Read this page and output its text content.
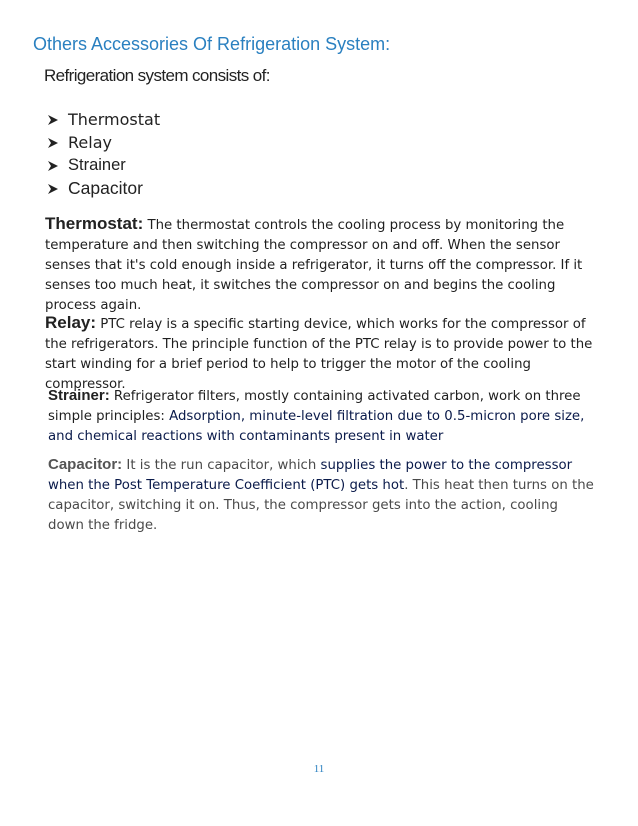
Others Accessories Of Refrigeration System:
Refrigeration system consists of:
Thermostat
Relay
Strainer
Capacitor

Thermostat: The thermostat controls the cooling process by monitoring the temperature and then switching the compressor on and off. When the sensor senses that it's cold enough inside a refrigerator, it turns off the compressor. If it senses too much heat, it switches the compressor on and begins the cooling process again.

Relay: PTC relay is a specific starting device, which works for the compressor of the refrigerators. The principle function of the PTC relay is to provide power to the start winding for a brief period to help to trigger the motor of the cooling compressor.

Strainer: Refrigerator filters, mostly containing activated carbon, work on three simple principles: Adsorption, minute-level filtration due to 0.5-micron pore size, and chemical reactions with contaminants present in water

Capacitor: It is the run capacitor, which supplies the power to the compressor when the Post Temperature Coefficient (PTC) gets hot. This heat then turns on the capacitor, switching it on. Thus, the compressor gets into the action, cooling down the fridge.

11
